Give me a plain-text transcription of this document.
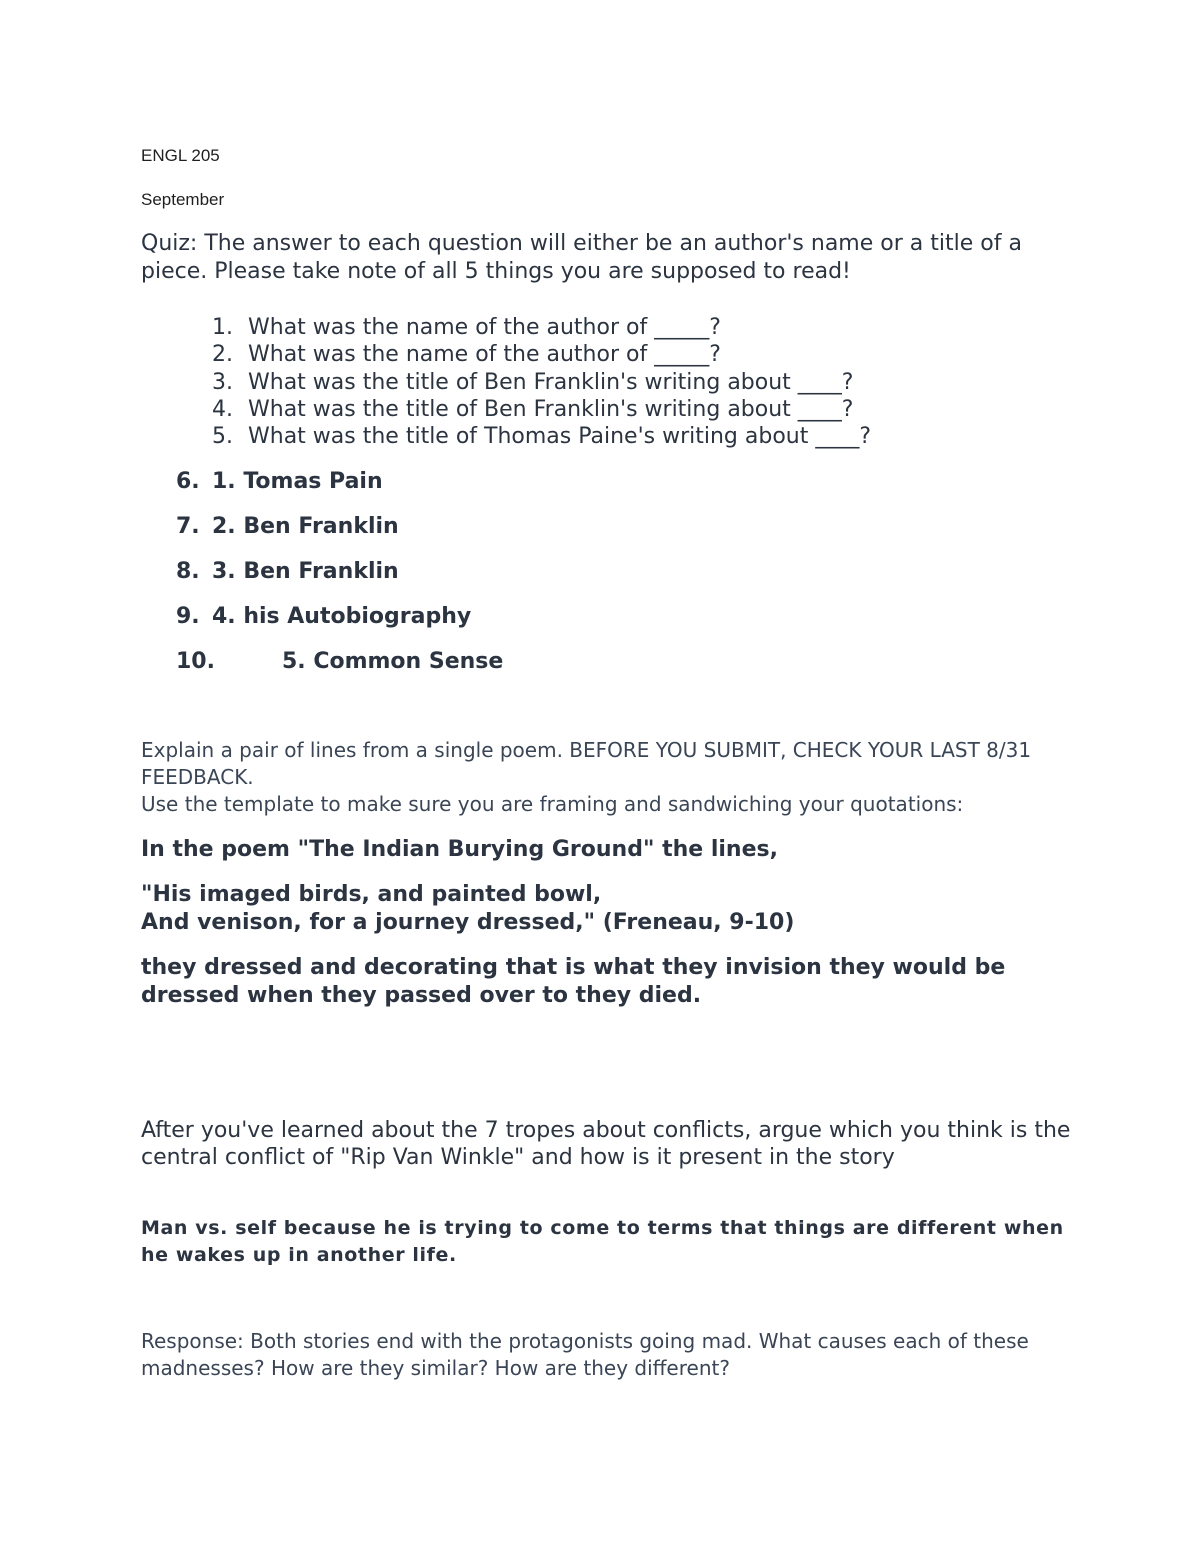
ENGL 205

September

Quiz: The answer to each question will either be an author's name or a title of a piece. Please take note of all 5 things you are supposed to read!

1. What was the name of the author of _____?
2. What was the name of the author of _____?
3. What was the title of Ben Franklin's writing about ____?
4. What was the title of Ben Franklin's writing about ____?
5. What was the title of Thomas Paine's writing about ____?
6. 1. Tomas Pain
7. 2. Ben Franklin
8. 3. Ben Franklin
9. 4. his Autobiography
10.	5. Common Sense

Explain a pair of lines from a single poem. BEFORE YOU SUBMIT, CHECK YOUR LAST 8/31 FEEDBACK.

Use the template to make sure you are framing and sandwiching your quotations:

In the poem "The Indian Burying Ground" the lines,

"His imaged birds, and painted bowl,
And venison, for a journey dressed," (Freneau, 9-10)

they dressed and decorating that is what they invision they would be dressed when they passed over to they died.

After you've learned about the 7 tropes about conflicts, argue which you think is the central conflict of "Rip Van Winkle" and how is it present in the story

Man vs. self because he is trying to come to terms that things are different when he wakes up in another life.

Response: Both stories end with the protagonists going mad. What causes each of these madnesses? How are they similar? How are they different?
